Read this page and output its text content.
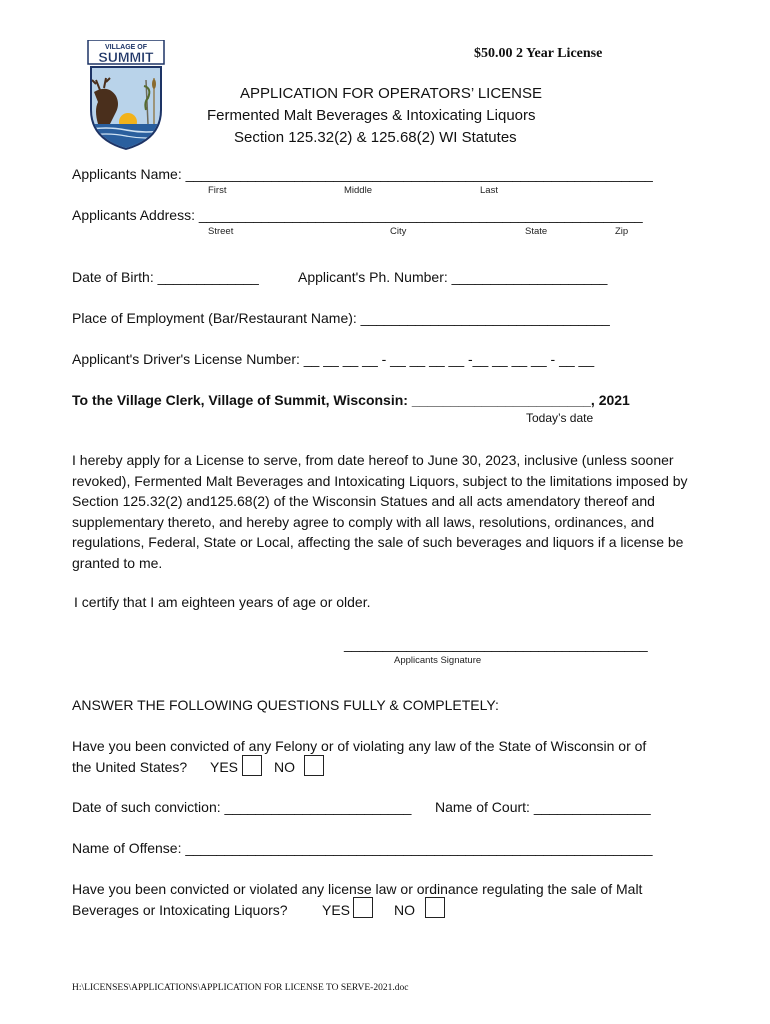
VILLAGE OF
SUMMIT	$50.00 2 Year License
APPLICATION FOR OPERATORS’ LICENSE
Fermented Malt Beverages & Intoxicating Liquors
Section 125.32(2) & 125.68(2) WI Statutes
Applicants Name: ____________________________________________________________
First	Middle	Last
Applicants Address: _________________________________________________________
Street	City	State	Zip
Date of Birth: _____________	Applicant's Ph. Number: ____________________
Place of Employment (Bar/Restaurant Name): ________________________________
Applicant's Driver's License Number: __ __ __ __ - __ __ __ __ -__ __ __ __ - __ __
To the Village Clerk, Village of Summit, Wisconsin: _______________________, 2021
Today’s date
I hereby apply for a License to serve, from date hereof to June 30, 2023, inclusive (unless sooner revoked), Fermented Malt Beverages and Intoxicating Liquors, subject to the limitations imposed by Section 125.32(2) and125.68(2) of the Wisconsin Statues and all acts amendatory thereof and supplementary thereto, and hereby agree to comply with all laws, resolutions, ordinances, and regulations, Federal, State or Local, affecting the sale of such beverages and liquors if a license be granted to me.
I certify that I am eighteen years of age or older.
_______________________________________
Applicants Signature
ANSWER THE FOLLOWING QUESTIONS FULLY & COMPLETELY:
Have you been convicted of any Felony or of violating any law of the State of Wisconsin or of
the United States? YES	NO
Date of such conviction: ________________________ Name of Court: _______________
Name of Offense: ____________________________________________________________
Have you been convicted or violated any license law or ordinance regulating the sale of Malt
Beverages or Intoxicating Liquors? YES	NO
H:\LICENSES\APPLICATIONS\APPLICATION FOR LICENSE TO SERVE-2021.doc
